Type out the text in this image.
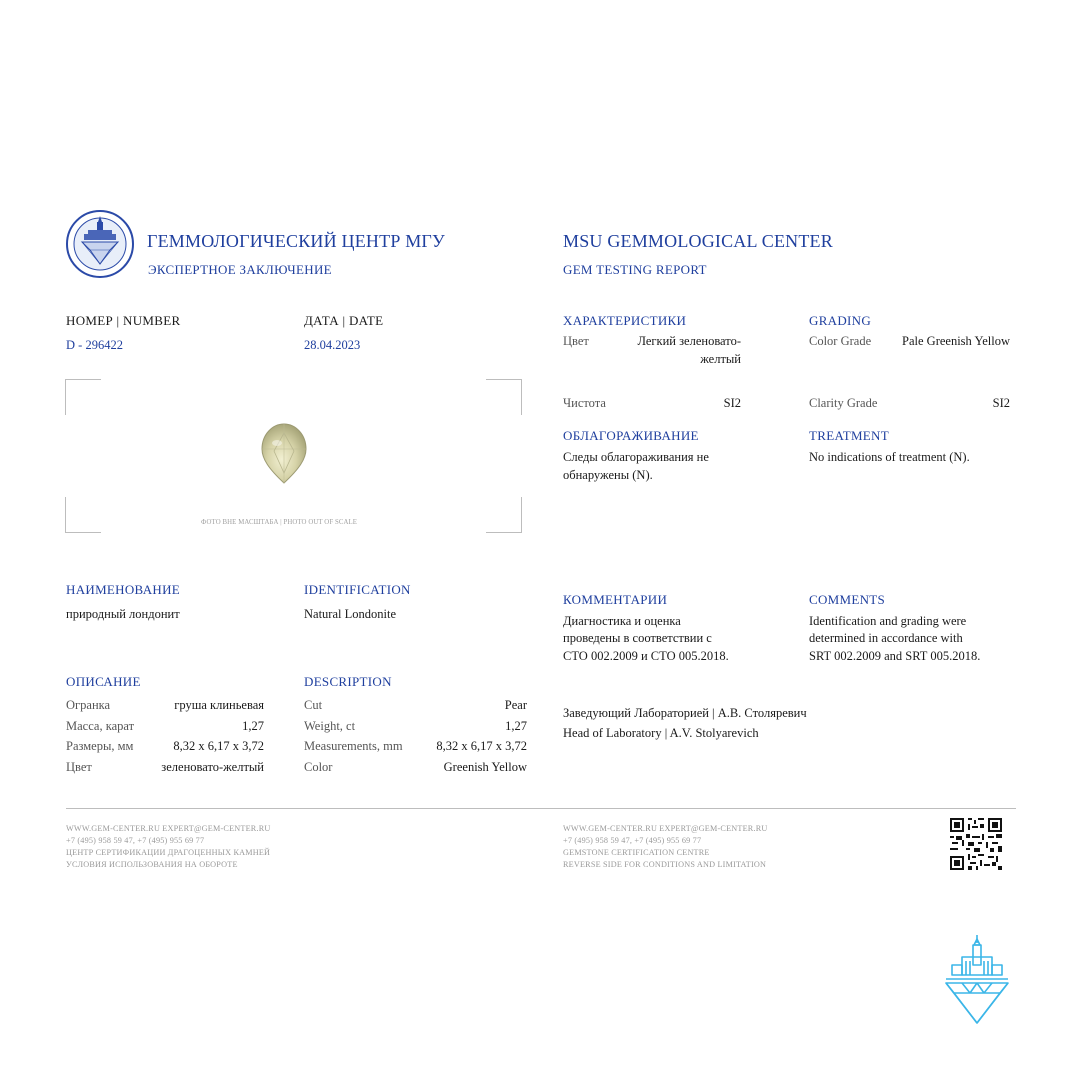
ГЕММОЛОГИЧЕСКИЙ ЦЕНТР МГУ
ЭКСПЕРТНОЕ ЗАКЛЮЧЕНИЕ
MSU GEMMOLOGICAL CENTER
GEM TESTING REPORT
НОМЕР | NUMBER
D - 296422
ДАТА | DATE
28.04.2023
ФОТО ВНЕ МАСШТАБА | PHOTO OUT OF SCALE
НАИМЕНОВАНИЕ
природный лондонит
IDENTIFICATION
Natural Londonite
ОПИСАНИЕ
Огранка	груша клиньевая
Масса, карат	1,27
Размеры, мм	8,32 x 6,17 x 3,72
Цвет	зеленовато-желтый
DESCRIPTION
Cut	Pear
Weight, ct	1,27
Measurements, mm	8,32 x 6,17 x 3,72
Color	Greenish Yellow
ХАРАКТЕРИСТИКИ
Цвет	Легкий зеленовато-
желтый
Чистота	SI2
GRADING
Color Grade Pale Greenish Yellow
Clarity Grade	SI2
ОБЛАГОРАЖИВАНИЕ
Следы облагораживания не
обнаружены (N).
TREATMENT
No indications of treatment (N).
КОММЕНТАРИИ
Диагностика и оценка
проведены в соответствии с
СТО 002.2009 и СТО 005.2018.
COMMENTS
Identification and grading were
determined in accordance with
SRT 002.2009 and SRT 005.2018.
Заведующий Лабораторией | А.В. Столяревич
Head of Laboratory | A.V. Stolyarevich
WWW.GEM-CENTER.RU EXPERT@GEM-CENTER.RU
+7 (495) 958 59 47, +7 (495) 955 69 77
ЦЕНТР СЕРТИФИКАЦИИ ДРАГОЦЕННЫХ КАМНЕЙ
УСЛОВИЯ ИСПОЛЬЗОВАНИЯ НА ОБОРОТЕ
WWW.GEM-CENTER.RU EXPERT@GEM-CENTER.RU
+7 (495) 958 59 47, +7 (495) 955 69 77
GEMSTONE CERTIFICATION CENTRE
REVERSE SIDE FOR CONDITIONS AND LIMITATION
